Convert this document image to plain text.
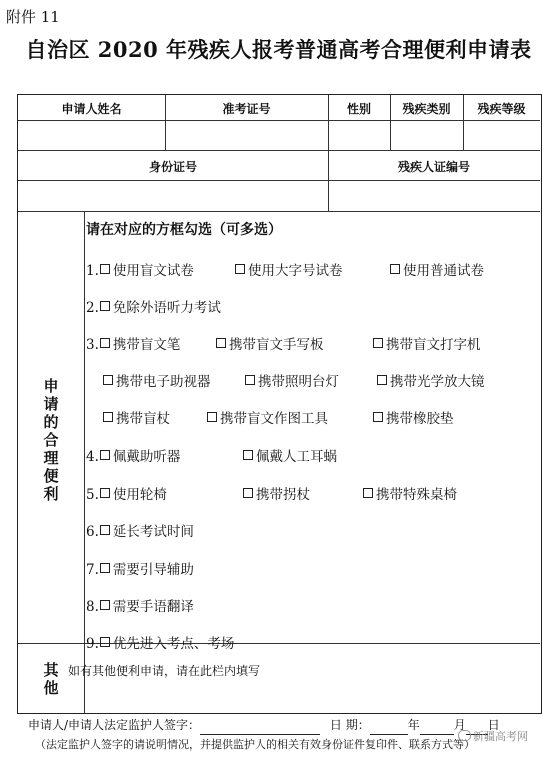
附件 11
自治区 2020 年残疾人报考普通高考合理便利申请表
申请人姓名	准考证号	性别	残疾类别	残疾等级
身份证号	残疾人证编号
申
请
的
合
理
便
利
其
他
请在对应的方框勾选（可多选）
1. 使用盲文试卷	使用大字号试卷	使用普通试卷
2. 免除外语听力考试
3. 携带盲文笔	携带盲文手写板	携带盲文打字机
携带电子助视器	携带照明台灯	携带光学放大镜
携带盲杖	携带盲文作图工具	携带橡胶垫
4. 佩戴助听器	佩戴人工耳蜗
5. 使用轮椅	携带拐杖	携带特殊桌椅
6. 延长考试时间
7. 需要引导辅助
8. 需要手语翻译
9. 优先进入考点、考场
如有其他便利申请，请在此栏内填写
申请人/申请人法定监护人签字：	日 期：	年	月 日
（法定监护人签字的请说明情况，并提供监护人的相关有效身份证件复印件、联系方式等）
新疆高考网
